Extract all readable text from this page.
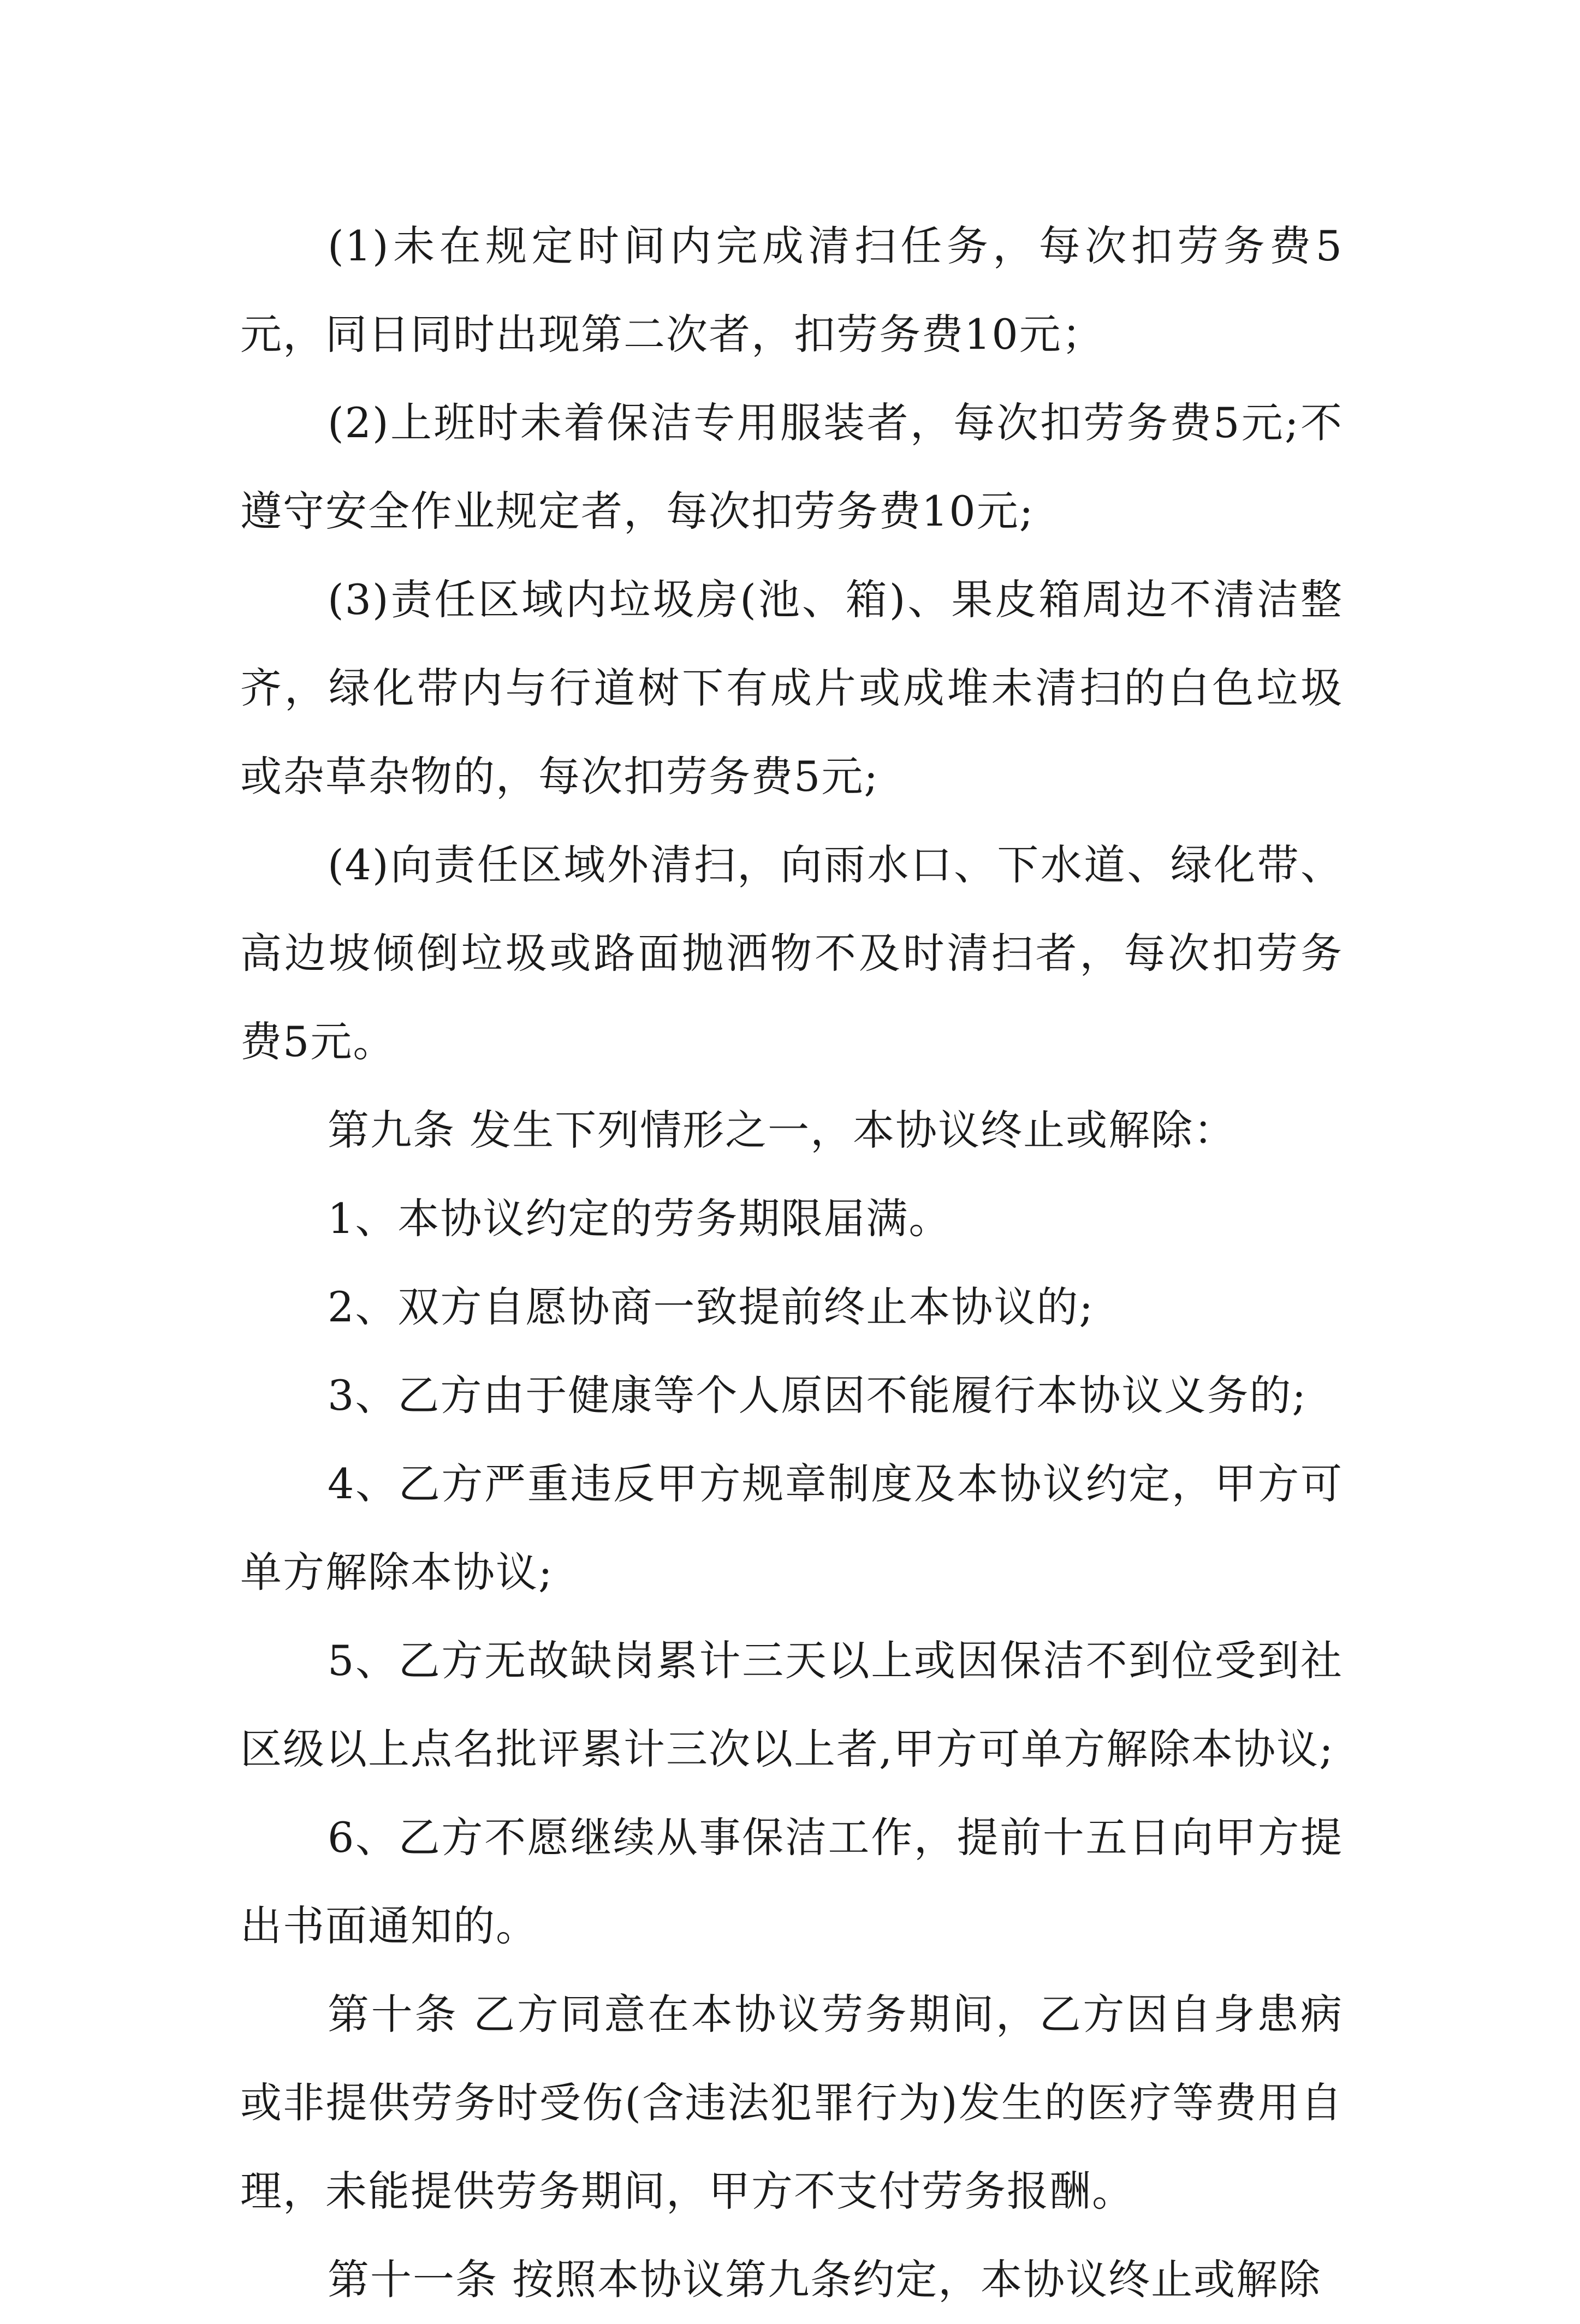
(1)未在规定时间内完成清扫任务，每次扣劳务费5元，同日同时出现第二次者，扣劳务费10元；

(2)上班时未着保洁专用服装者，每次扣劳务费5元;不遵守安全作业规定者，每次扣劳务费10元;

(3)责任区域内垃圾房(池、箱)、果皮箱周边不清洁整齐，绿化带内与行道树下有成片或成堆未清扫的白色垃圾或杂草杂物的，每次扣劳务费5元;

(4)向责任区域外清扫，向雨水口、下水道、绿化带、高边坡倾倒垃圾或路面抛洒物不及时清扫者，每次扣劳务费5元。

第九条 发生下列情形之一，本协议终止或解除：

1、本协议约定的劳务期限届满。

2、双方自愿协商一致提前终止本协议的;

3、乙方由于健康等个人原因不能履行本协议义务的;

4、乙方严重违反甲方规章制度及本协议约定，甲方可单方解除本协议;

5、乙方无故缺岗累计三天以上或因保洁不到位受到社区级以上点名批评累计三次以上者,甲方可单方解除本协议;

6、乙方不愿继续从事保洁工作，提前十五日向甲方提出书面通知的。

第十条 乙方同意在本协议劳务期间，乙方因自身患病或非提供劳务时受伤(含违法犯罪行为)发生的医疗等费用自理，未能提供劳务期间，甲方不支付劳务报酬。

第十一条 按照本协议第九条约定，本协议终止或解除
